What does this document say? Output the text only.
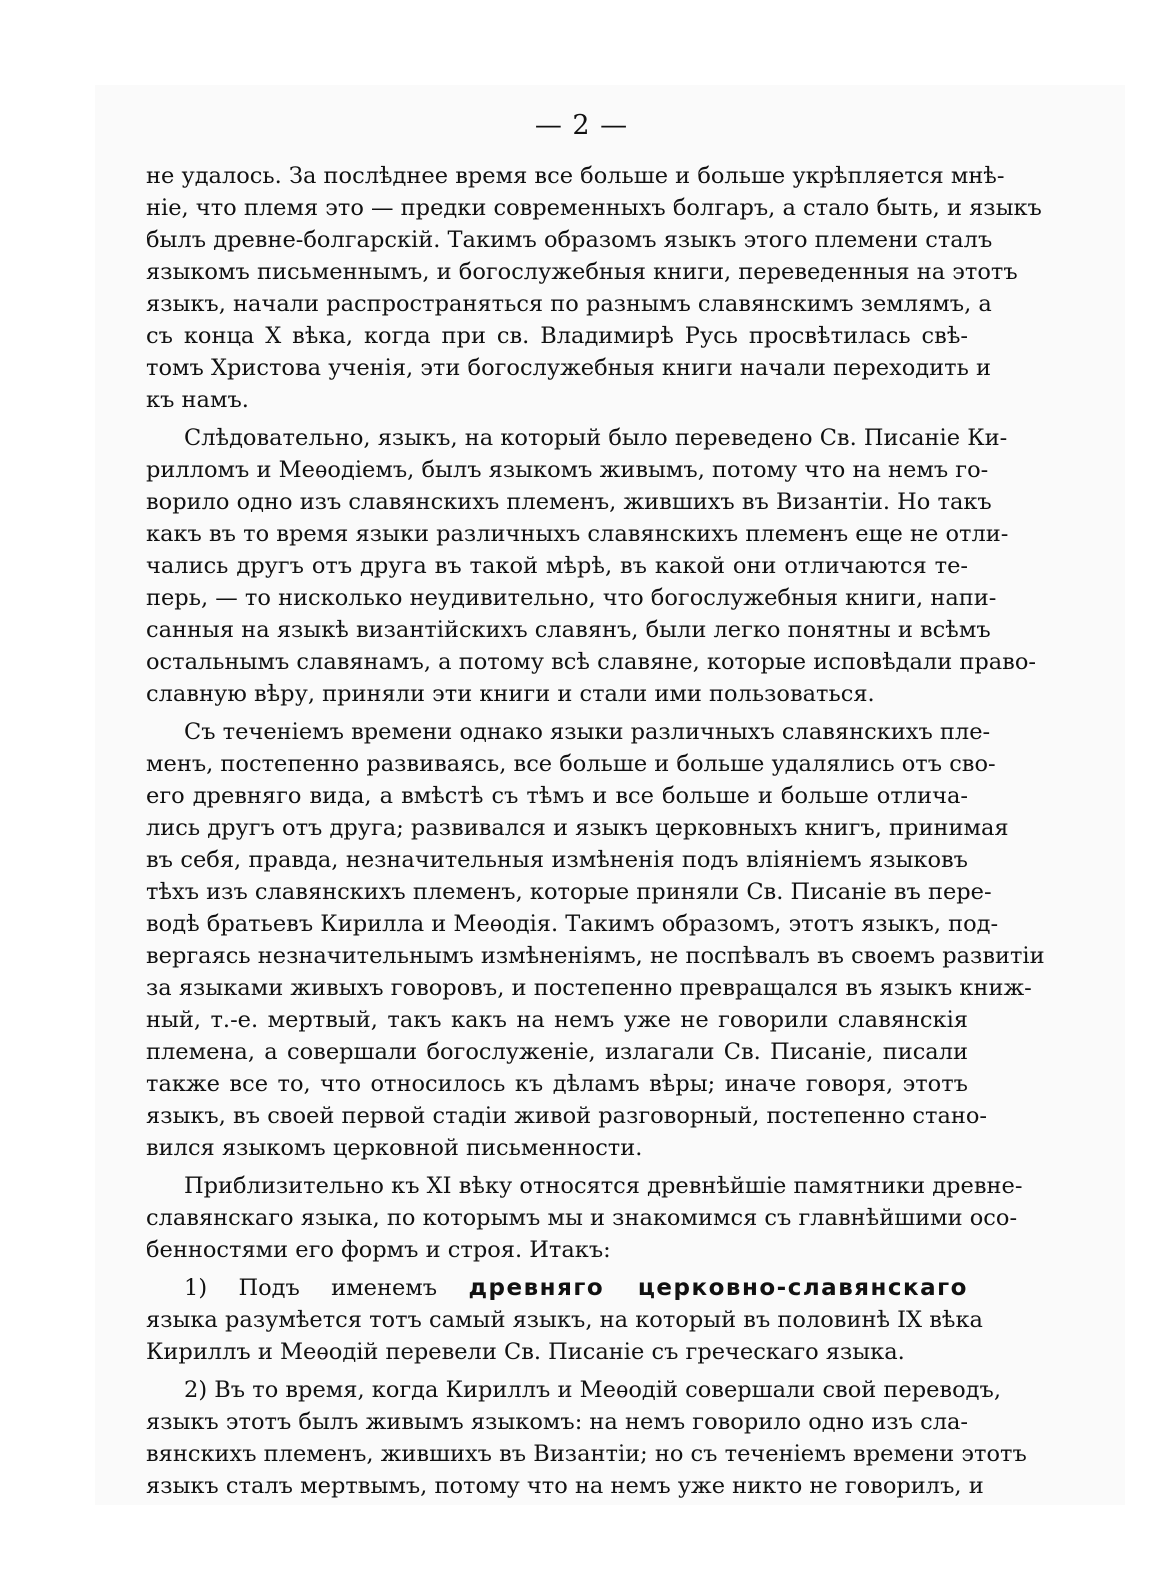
— 2 —
не удалось. За послѣднее время все больше и больше укрѣпляется мнѣ-
ніе, что племя это — предки современныхъ болгаръ, а стало быть, и языкъ
былъ древне-болгарскій. Такимъ образомъ языкъ этого племени сталъ
языкомъ письменнымъ, и богослужебныя книги, переведенныя на этотъ
языкъ, начали распространяться по разнымъ славянскимъ землямъ, а
съ конца X вѣка, когда при св. Владимирѣ Русь просвѣтилась свѣ-
томъ Христова ученія, эти богослужебныя книги начали переходить и
къ намъ.
Слѣдовательно, языкъ, на который было переведено Св. Писаніе Ки-
рилломъ и Меѳодіемъ, былъ языкомъ живымъ, потому что на немъ го-
ворило одно изъ славянскихъ племенъ, жившихъ въ Византіи. Но такъ
какъ въ то время языки различныхъ славянскихъ племенъ еще не отли-
чались другъ отъ друга въ такой мѣрѣ, въ какой они отличаются те-
перь, — то нисколько неудивительно, что богослужебныя книги, напи-
санныя на языкѣ византійскихъ славянъ, были легко понятны и всѣмъ
остальнымъ славянамъ, а потому всѣ славяне, которые исповѣдали право-
славную вѣру, приняли эти книги и стали ими пользоваться.
Съ теченіемъ времени однако языки различныхъ славянскихъ пле-
менъ, постепенно развиваясь, все больше и больше удалялись отъ сво-
его древняго вида, а вмѣстѣ съ тѣмъ и все больше и больше отлича-
лись другъ отъ друга; развивался и языкъ церковныхъ книгъ, принимая
въ себя, правда, незначительныя измѣненія подъ вліяніемъ языковъ
тѣхъ изъ славянскихъ племенъ, которые приняли Св. Писаніе въ пере-
водѣ братьевъ Кирилла и Меѳодія. Такимъ образомъ, этотъ языкъ, под-
вергаясь незначительнымъ измѣненіямъ, не поспѣвалъ въ своемъ развитіи
за языками живыхъ говоровъ, и постепенно превращался въ языкъ книж-
ный, т.-е. мертвый, такъ какъ на немъ уже не говорили славянскія
племена, а совершали богослуженіе, излагали Св. Писаніе, писали
также все то, что относилось къ дѣламъ вѣры; иначе говоря, этотъ
языкъ, въ своей первой стадіи живой разговорный, постепенно стано-
вился языкомъ церковной письменности.
Приблизительно къ XI вѣку относятся древнѣйшіе памятники древне-
славянскаго языка, по которымъ мы и знакомимся съ главнѣйшими осо-
бенностями его формъ и строя. Итакъ:
1) Подъ именемъ древняго церковно-славянскаго
языка разумѣется тотъ самый языкъ, на который въ половинѣ IX вѣка
Кириллъ и Меѳодій перевели Св. Писаніе съ греческаго языка.
2) Въ то время, когда Кириллъ и Меѳодій совершали свой переводъ,
языкъ этотъ былъ живымъ языкомъ: на немъ говорило одно изъ сла-
вянскихъ племенъ, жившихъ въ Византіи; но съ теченіемъ времени этотъ
языкъ сталъ мертвымъ, потому что на немъ уже никто не говорилъ, и
